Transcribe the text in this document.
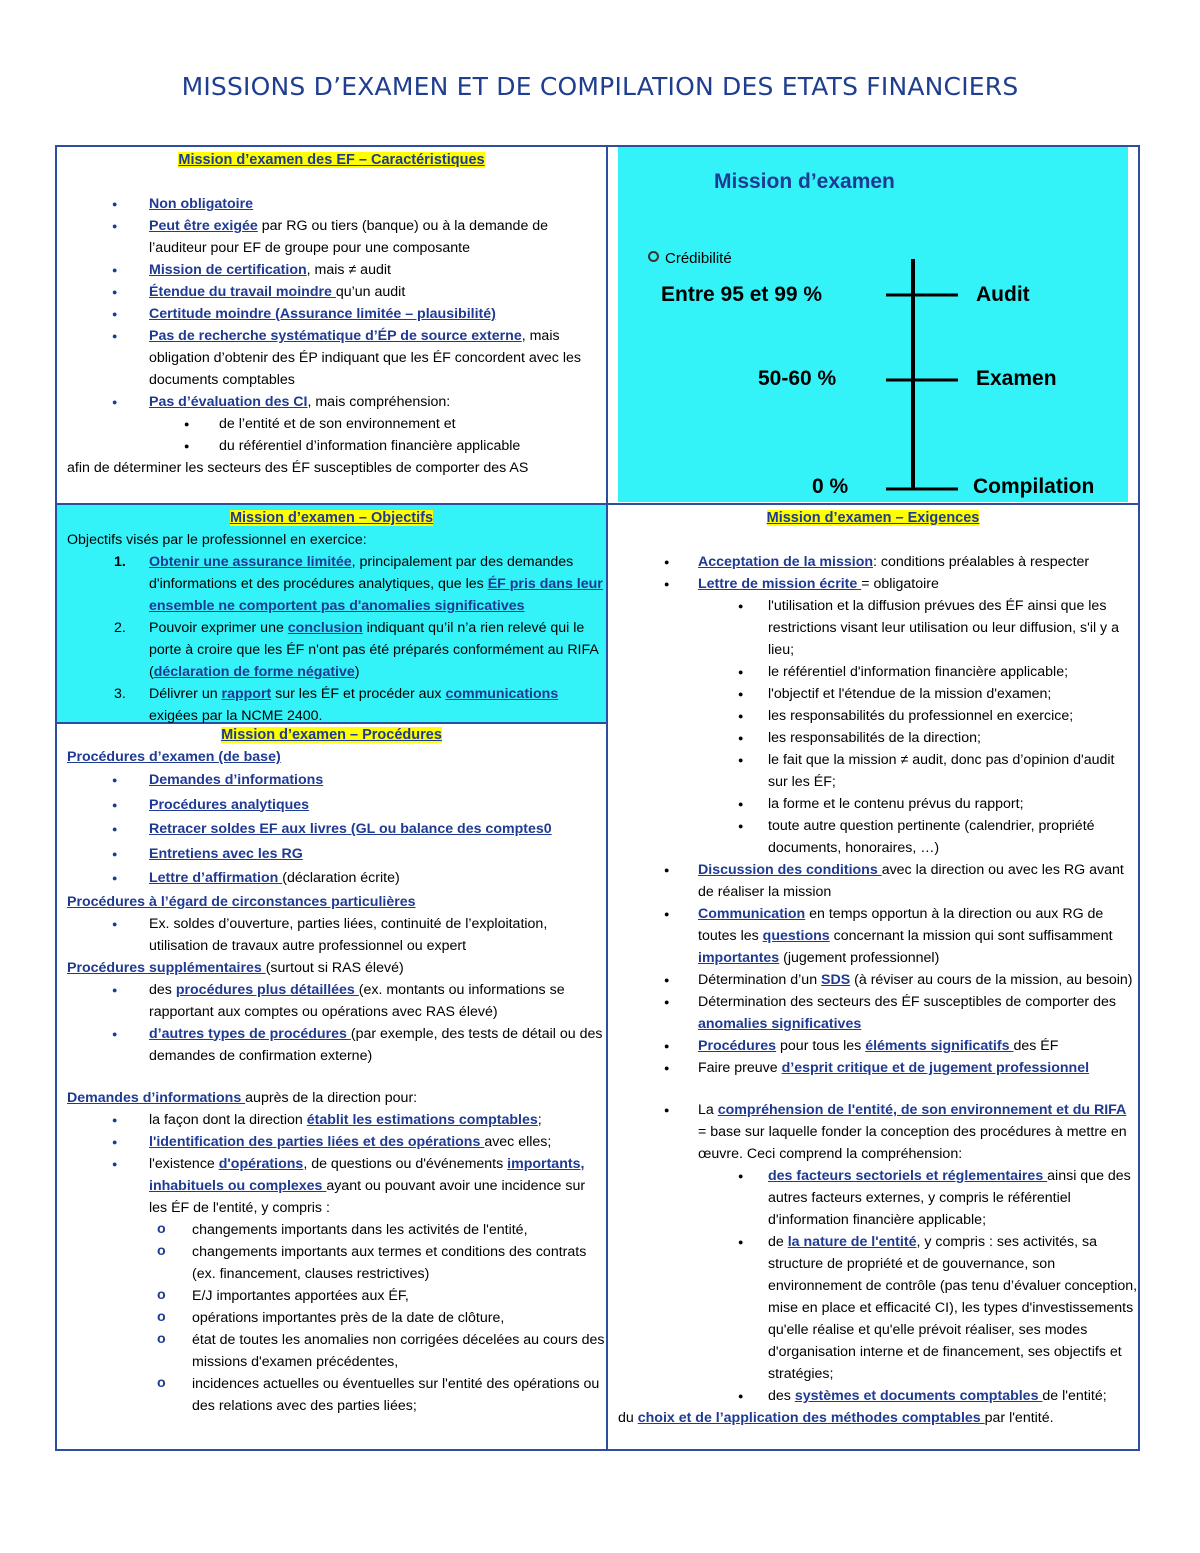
MISSIONS D’EXAMEN ET DE COMPILATION DES ETATS FINANCIERS
Mission d’examen des EF – Caractéristiques
● Non obligatoire
● Peut être exigée par RG ou tiers (banque) ou à la demande de l’auditeur pour EF de groupe pour une composante
● Mission de certification, mais ≠ audit
● Étendue du travail moindre qu’un audit
● Certitude moindre (Assurance limitée – plausibilité)
● Pas de recherche systématique d’ÉP de source externe, mais obligation d’obtenir des ÉP indiquant que les ÉF concordent avec les documents comptables
● Pas d’évaluation des CI, mais compréhension:
● de l’entité et de son environnement et
● du référentiel d’information financière applicable
afin de déterminer les secteurs des ÉF susceptibles de comporter des AS
Mission d’examen
Crédibilité
Entre 95 et 99 %	Audit
50-60 %	Examen
0 %	Compilation
Mission d’examen – Objectifs
Objectifs visés par le professionnel en exercice:
1. Obtenir une assurance limitée, principalement par des demandes d'informations et des procédures analytiques, que les ÉF pris dans leur ensemble ne comportent pas d'anomalies significatives
2. Pouvoir exprimer une conclusion indiquant qu’il n’a rien relevé qui le porte à croire que les ÉF n'ont pas été préparés conformément au RIFA (déclaration de forme négative)
3. Délivrer un rapport sur les ÉF et procéder aux communications exigées par la NCME 2400.
Mission d’examen – Procédures
Procédures d’examen (de base)
● Demandes d’informations
● Procédures analytiques
● Retracer soldes EF aux livres (GL ou balance des comptes0
● Entretiens avec les RG
● Lettre d’affirmation (déclaration écrite)
Procédures à l’égard de circonstances particulières
● Ex. soldes d’ouverture, parties liées, continuité de l’exploitation, utilisation de travaux autre professionnel ou expert
Procédures supplémentaires (surtout si RAS élevé)
● des procédures plus détaillées (ex. montants ou informations se rapportant aux comptes ou opérations avec RAS élevé)
● d’autres types de procédures (par exemple, des tests de détail ou des demandes de confirmation externe)
Demandes d’informations auprès de la direction pour:
● la façon dont la direction établit les estimations comptables;
● l'identification des parties liées et des opérations avec elles;
● l'existence d'opérations, de questions ou d'événements importants, inhabituels ou complexes ayant ou pouvant avoir une incidence sur les ÉF de l'entité, y compris :
o changements importants dans les activités de l'entité,
o changements importants aux termes et conditions des contrats (ex. financement, clauses restrictives)
o E/J importantes apportées aux ÉF,
o opérations importantes près de la date de clôture,
o état de toutes les anomalies non corrigées décelées au cours des missions d'examen précédentes,
o incidences actuelles ou éventuelles sur l'entité des opérations ou des relations avec des parties liées;
Mission d’examen – Exigences
● Acceptation de la mission: conditions préalables à respecter
● Lettre de mission écrite = obligatoire
● l'utilisation et la diffusion prévues des ÉF ainsi que les restrictions visant leur utilisation ou leur diffusion, s'il y a lieu;
● le référentiel d'information financière applicable;
● l'objectif et l'étendue de la mission d'examen;
● les responsabilités du professionnel en exercice;
● les responsabilités de la direction;
● le fait que la mission ≠ audit, donc pas d’opinion d'audit sur les ÉF;
● la forme et le contenu prévus du rapport;
● toute autre question pertinente (calendrier, propriété documents, honoraires, …)
● Discussion des conditions avec la direction ou avec les RG avant de réaliser la mission
● Communication en temps opportun à la direction ou aux RG de toutes les questions concernant la mission qui sont suffisamment importantes (jugement professionnel)
● Détermination d’un SDS (à réviser au cours de la mission, au besoin)
● Détermination des secteurs des ÉF susceptibles de comporter des anomalies significatives
● Procédures pour tous les éléments significatifs des ÉF
● Faire preuve d’esprit critique et de jugement professionnel
● La compréhension de l'entité, de son environnement et du RIFA = base sur laquelle fonder la conception des procédures à mettre en œuvre. Ceci comprend la compréhension:
● des facteurs sectoriels et réglementaires ainsi que des autres facteurs externes, y compris le référentiel d'information financière applicable;
● de la nature de l'entité, y compris : ses activités, sa structure de propriété et de gouvernance, son environnement de contrôle (pas tenu d’évaluer conception, mise en place et efficacité CI), les types d'investissements qu'elle réalise et qu'elle prévoit réaliser, ses modes d'organisation interne et de financement, ses objectifs et stratégies;
● des systèmes et documents comptables de l'entité;
du choix et de l’application des méthodes comptables par l'entité.
